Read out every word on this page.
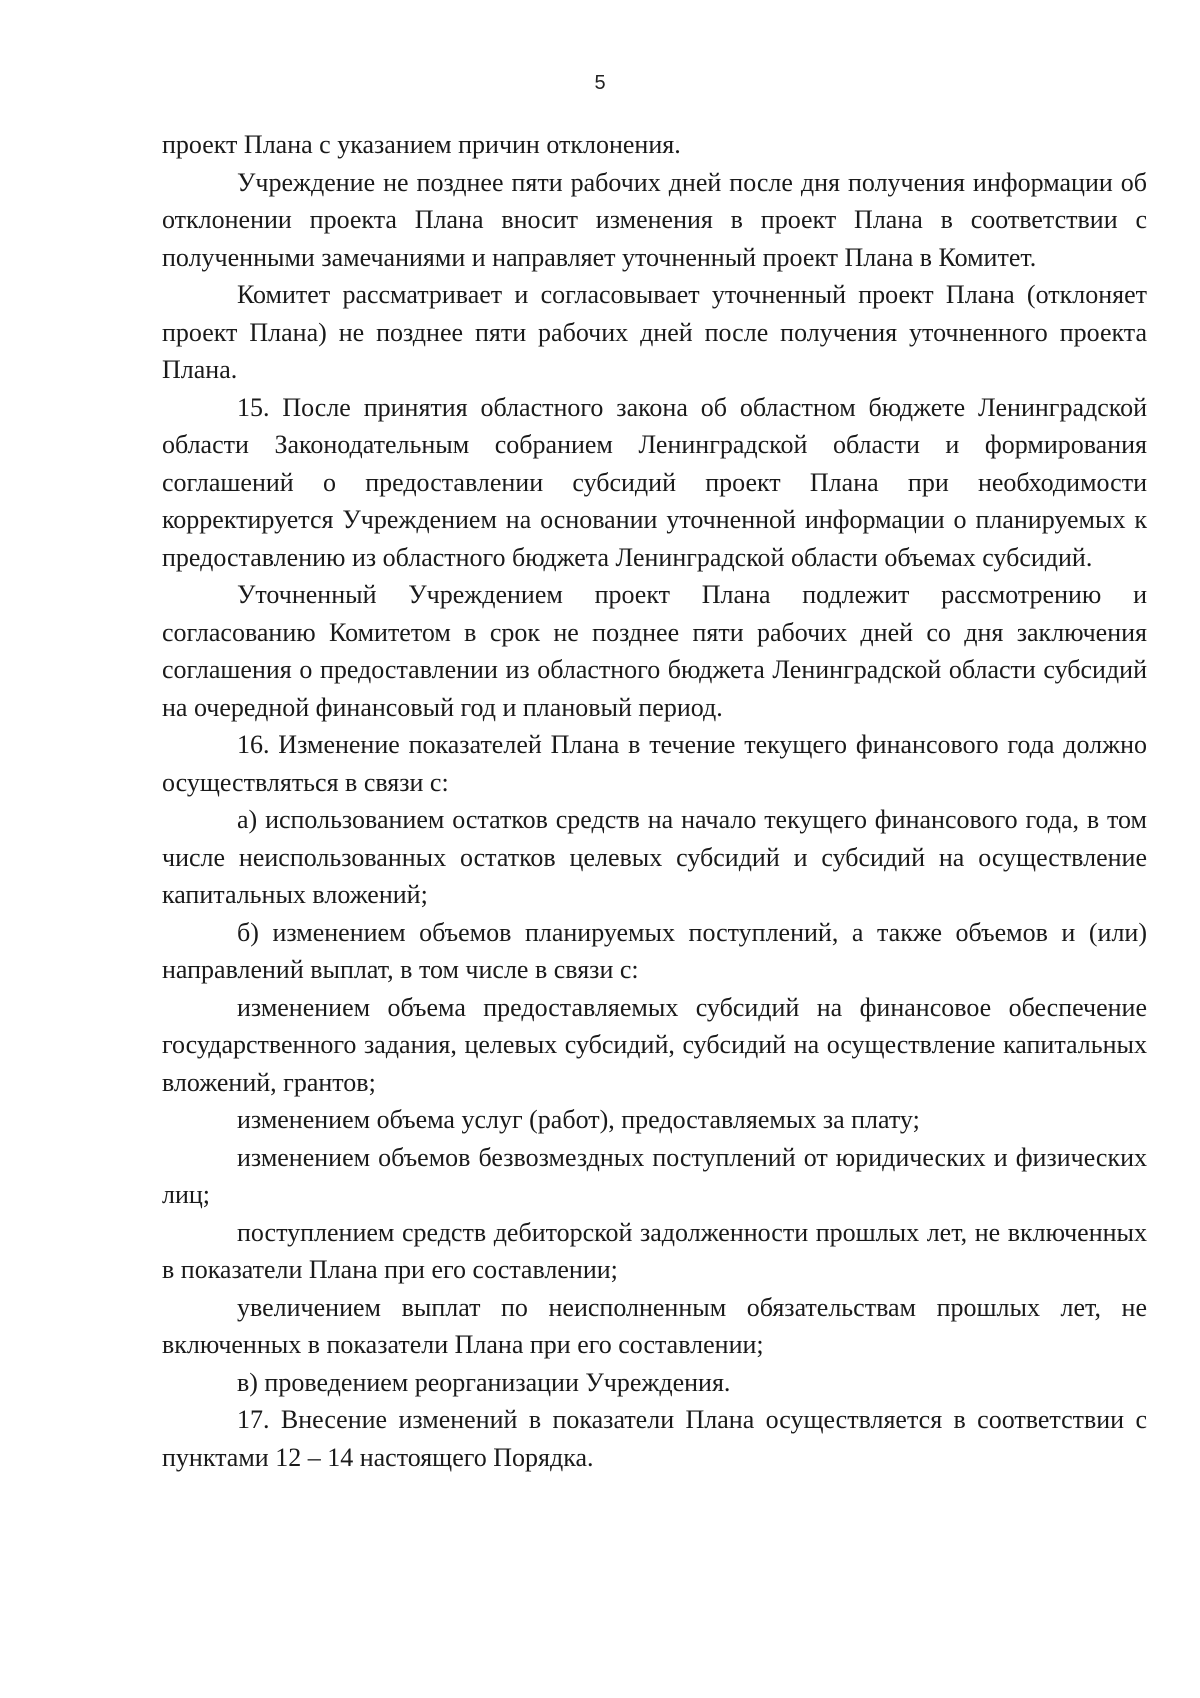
5

проект Плана с указанием причин отклонения.

Учреждение не позднее пяти рабочих дней после дня получения информации об отклонении проекта Плана вносит изменения в проект Плана в соответствии с полученными замечаниями и направляет уточненный проект Плана в Комитет.

Комитет рассматривает и согласовывает уточненный проект Плана (отклоняет проект Плана) не позднее пяти рабочих дней после получения уточненного проекта Плана.

15. После принятия областного закона об областном бюджете Ленинградской области Законодательным собранием Ленинградской области и формирования соглашений о предоставлении субсидий проект Плана при необходимости корректируется Учреждением на основании уточненной информации о планируемых к предоставлению из областного бюджета Ленинградской области объемах субсидий.

Уточненный Учреждением проект Плана подлежит рассмотрению и согласованию Комитетом в срок не позднее пяти рабочих дней со дня заключения соглашения о предоставлении из областного бюджета Ленинградской области субсидий на очередной финансовый год и плановый период.

16. Изменение показателей Плана в течение текущего финансового года должно осуществляться в связи с:

а) использованием остатков средств на начало текущего финансового года, в том числе неиспользованных остатков целевых субсидий и субсидий на осуществление капитальных вложений;

б) изменением объемов планируемых поступлений, а также объемов и (или) направлений выплат, в том числе в связи с:

изменением объема предоставляемых субсидий на финансовое обеспечение государственного задания, целевых субсидий, субсидий на осуществление капитальных вложений, грантов;

изменением объема услуг (работ), предоставляемых за плату;

изменением объемов безвозмездных поступлений от юридических и физических лиц;

поступлением средств дебиторской задолженности прошлых лет, не включенных в показатели Плана при его составлении;

увеличением выплат по неисполненным обязательствам прошлых лет, не включенных в показатели Плана при его составлении;

в) проведением реорганизации Учреждения.

17. Внесение изменений в показатели Плана осуществляется в соответствии с пунктами 12 – 14 настоящего Порядка.
